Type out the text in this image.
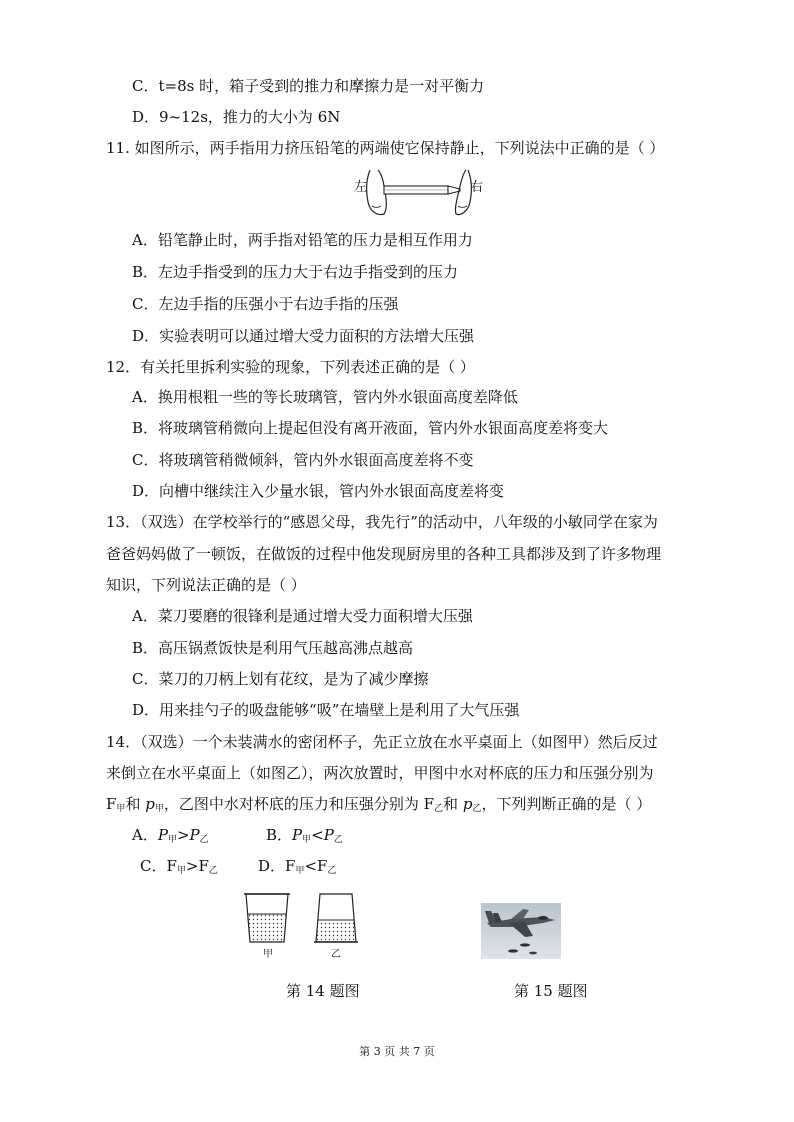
C．t=8s 时，箱子受到的推力和摩擦力是一对平衡力
D．9~12s，推力的大小为 6N
11. 如图所示，两手指用力挤压铅笔的两端使它保持静止，下列说法中正确的是（ ）
左	右
A．铅笔静止时，两手指对铅笔的压力是相互作用力
B．左边手指受到的压力大于右边手指受到的压力
C．左边手指的压强小于右边手指的压强
D．实验表明可以通过增大受力面积的方法增大压强
12．有关托里拆利实验的现象，下列表述正确的是（ ）
A．换用根粗一些的等长玻璃管，管内外水银面高度差降低
B．将玻璃管稍微向上提起但没有离开液面，管内外水银面高度差将变大
C．将玻璃管稍微倾斜，管内外水银面高度差将不变
D．向槽中继续注入少量水银，管内外水银面高度差将变
13．（双选）在学校举行的“感恩父母，我先行”的活动中，八年级的小敏同学在家为
爸爸妈妈做了一顿饭，在做饭的过程中他发现厨房里的各种工具都涉及到了许多物理
知识，下列说法正确的是（ ）
A．菜刀要磨的很锋利是通过增大受力面积增大压强
B．高压锅煮饭快是利用气压越高沸点越高
C．菜刀的刀柄上划有花纹，是为了减少摩擦
D．用来挂勺子的吸盘能够“吸”在墙壁上是利用了大气压强
14．（双选）一个未装满水的密闭杯子，先正立放在水平桌面上（如图甲）然后反过
来倒立在水平桌面上（如图乙），两次放置时，甲图中水对杯底的压力和压强分别为
$F_甲$和 $p_甲$，乙图中水对杯底的压力和压强分别为 $F_乙$和 $p_乙$，下列判断正确的是（ ）
A．$P_甲>P_乙$	B．$P_甲<P_乙$
C．$F_甲>F_乙$	D．$F_甲<F_乙$
甲	乙
第 14 题图	第 15 题图
第 3 页 共 7 页
